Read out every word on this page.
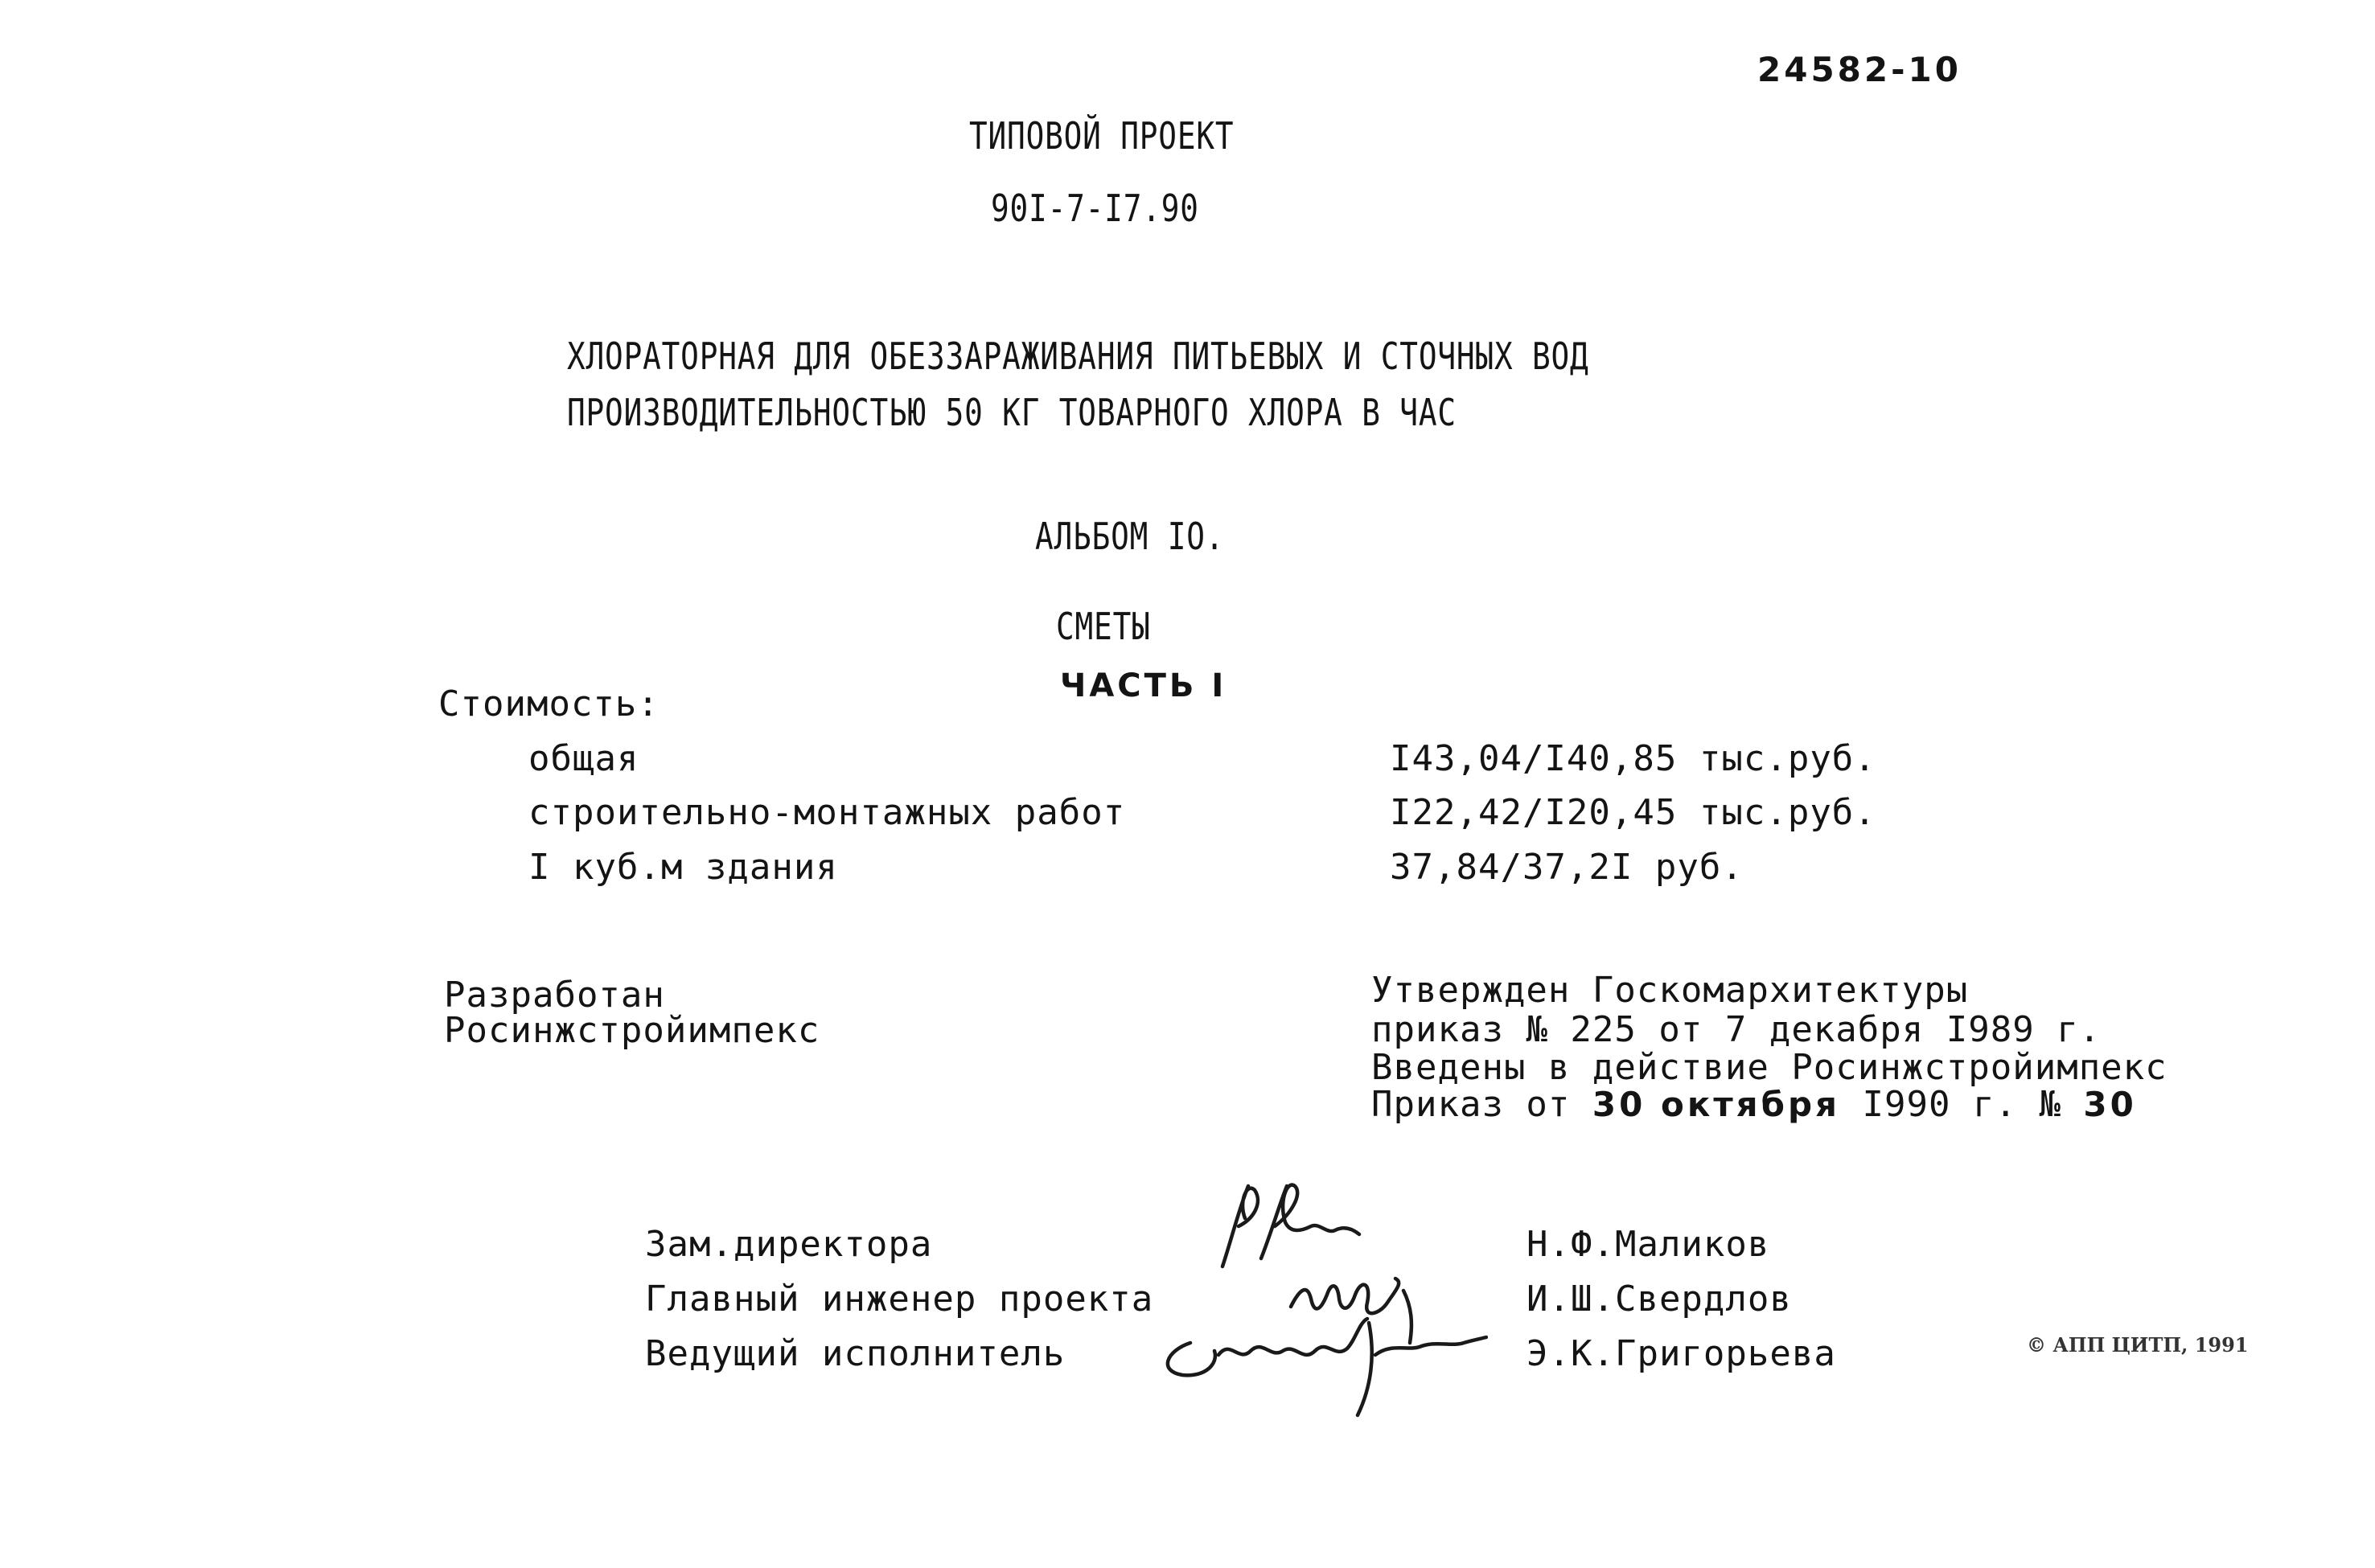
24582-10
ТИПОВОЙ ПРОЕКТ
90I-7-I7.90
ХЛОРАТОРНАЯ ДЛЯ ОБЕЗЗАРАЖИВАНИЯ ПИТЬЕВЫХ И СТОЧНЫХ ВОД
ПРОИЗВОДИТЕЛЬНОСТЬЮ 50 КГ ТОВАРНОГО ХЛОРА В ЧАС
АЛЬБОМ IO.
СМЕТЫ
ЧАСТЬ I
Стоимость:
общая	I43,04/I40,85 тыс.руб.
строительно-монтажных работ	I22,42/I20,45 тыс.руб.
I куб.м здания	37,84/37,2I руб.
Разработан
Росинжстройимпекс
Утвержден Госкомархитектуры
приказ № 225 от 7 декабря I989 г.
Введены в действие Росинжстройимпекс
Приказ от 30 октября I990 г. № 30
Зам.директора	Н.Ф.Маликов
Главный инженер проекта	И.Ш.Свердлов
Ведущий исполнитель	Э.К.Григорьева	© АПП ЦИТП, 1991
